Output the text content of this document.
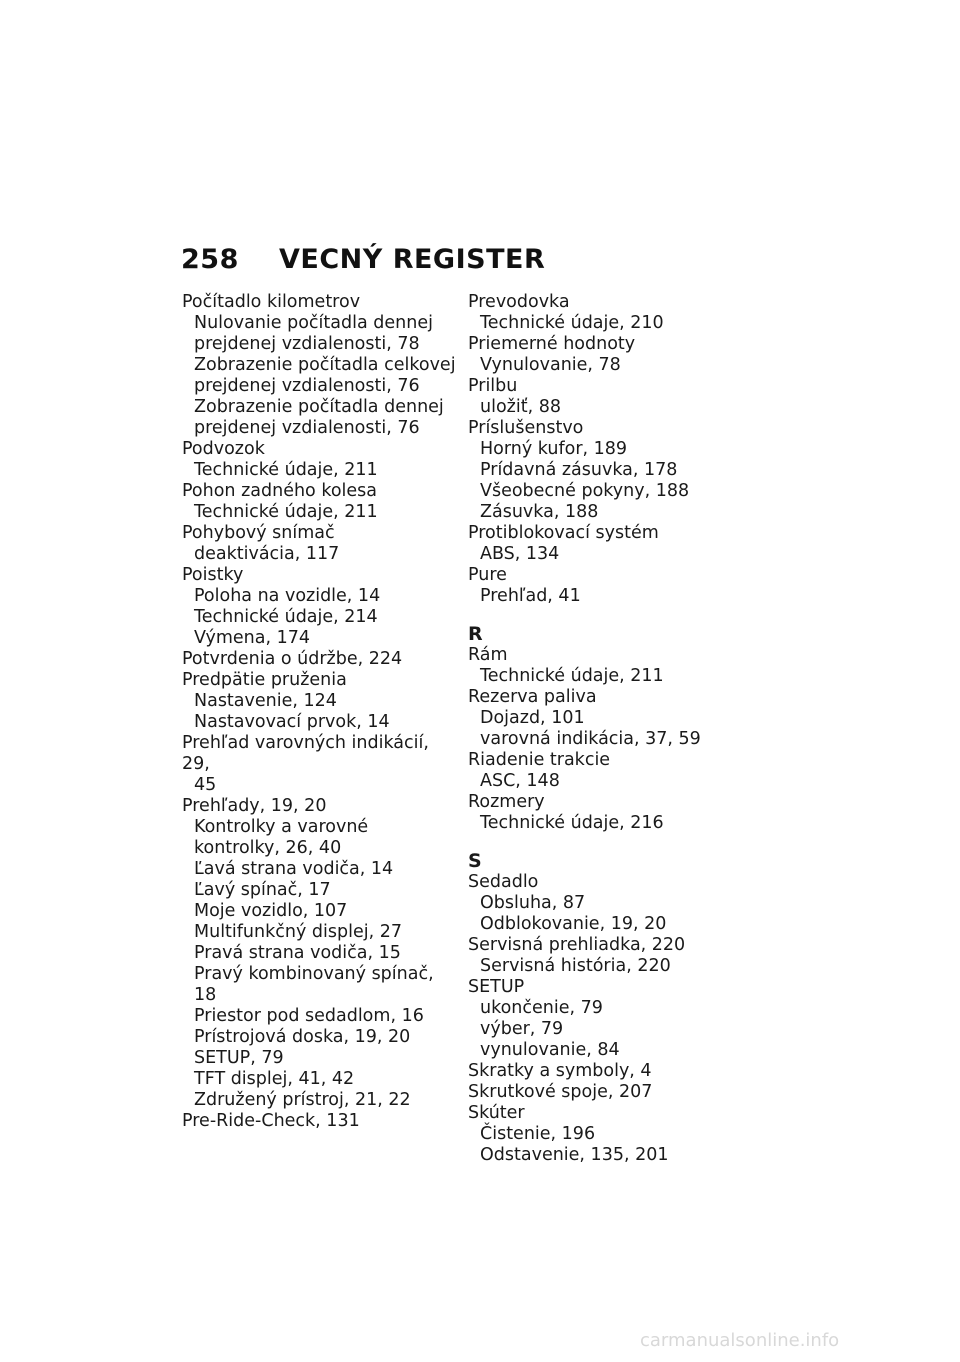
258 VECNÝ REGISTER
Počítadlo kilometrov
Nulovanie počítadla dennej
prejdenej vzdialenosti, 78
Zobrazenie počítadla celkovej
prejdenej vzdialenosti, 76
Zobrazenie počítadla dennej
prejdenej vzdialenosti, 76
Podvozok
Technické údaje, 211
Pohon zadného kolesa
Technické údaje, 211
Pohybový snímač
deaktivácia, 117
Poistky
Poloha na vozidle, 14
Technické údaje, 214
Výmena, 174
Potvrdenia o údržbe, 224
Predpätie pruženia
Nastavenie, 124
Nastavovací prvok, 14
Prehľad varovných indikácií, 29,
45
Prehľady, 19, 20
Kontrolky a varovné
kontrolky, 26, 40
Ľavá strana vodiča, 14
Ľavý spínač, 17
Moje vozidlo, 107
Multifunkčný displej, 27
Pravá strana vodiča, 15
Pravý kombinovaný spínač, 18
Priestor pod sedadlom, 16
Prístrojová doska, 19, 20
SETUP, 79
TFT displej, 41, 42
Združený prístroj, 21, 22
Pre-Ride-Check, 131
Prevodovka
Technické údaje, 210
Priemerné hodnoty
Vynulovanie, 78
Prilbu
uložiť, 88
Príslušenstvo
Horný kufor, 189
Prídavná zásuvka, 178
Všeobecné pokyny, 188
Zásuvka, 188
Protiblokovací systém
ABS, 134
Pure
Prehľad, 41
R
Rám
Technické údaje, 211
Rezerva paliva
Dojazd, 101
varovná indikácia, 37, 59
Riadenie trakcie
ASC, 148
Rozmery
Technické údaje, 216
S
Sedadlo
Obsluha, 87
Odblokovanie, 19, 20
Servisná prehliadka, 220
Servisná história, 220
SETUP
ukončenie, 79
výber, 79
vynulovanie, 84
Skratky a symboly, 4
Skrutkové spoje, 207
Skúter
Čistenie, 196
Odstavenie, 135, 201
carmanualsonline.info
